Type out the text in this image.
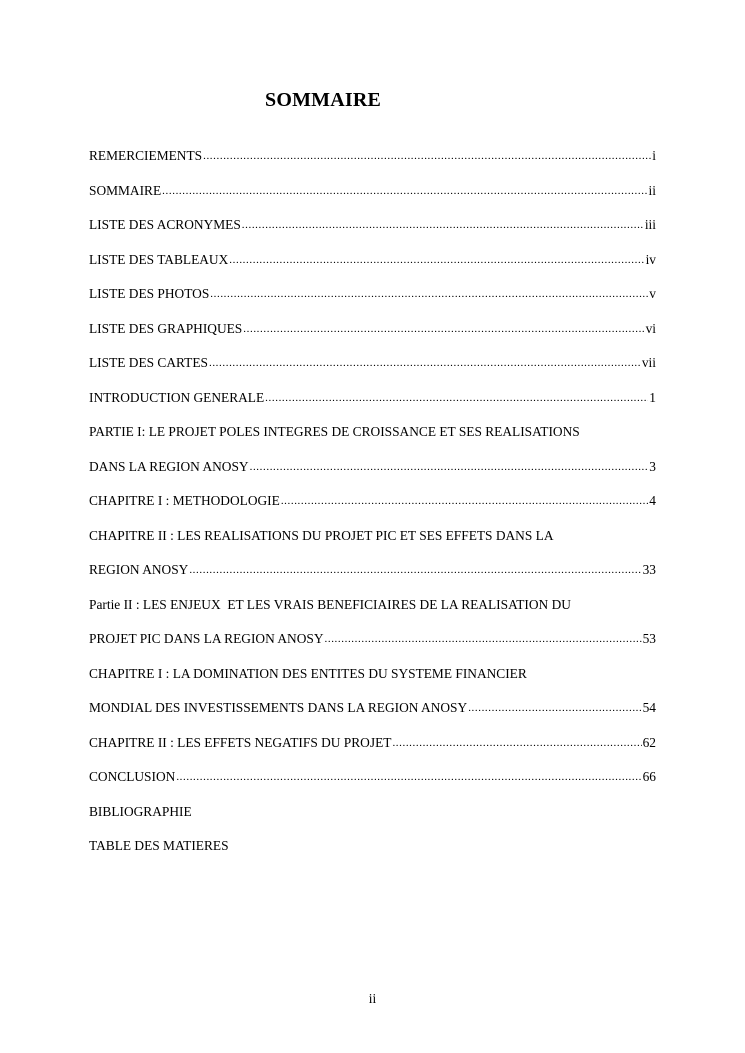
SOMMAIRE
REMERCIEMENTS .....	i
SOMMAIRE .....	ii
LISTE DES ACRONYMES .....	iii
LISTE DES TABLEAUX .....	iv
LISTE DES PHOTOS .....	v
LISTE DES GRAPHIQUES .....	vi
LISTE DES CARTES .....	vii
INTRODUCTION GENERALE .....	1
PARTIE I: LE PROJET POLES INTEGRES DE CROISSANCE ET SES REALISATIONS
DANS LA REGION ANOSY .....	3
CHAPITRE I : METHODOLOGIE .....	4
CHAPITRE II : LES REALISATIONS DU PROJET PIC ET SES EFFETS DANS LA
REGION ANOSY .....	33
Partie II : LES ENJEUX  ET LES VRAIS BENEFICIAIRES DE LA REALISATION DU
PROJET PIC DANS LA REGION ANOSY .....	53
CHAPITRE I : LA DOMINATION DES ENTITES DU SYSTEME FINANCIER
MONDIAL DES INVESTISSEMENTS DANS LA REGION ANOSY .....	54
CHAPITRE II : LES EFFETS NEGATIFS DU PROJET .....	62
CONCLUSION .....	66
BIBLIOGRAPHIE
TABLE DES MATIERES
ii
